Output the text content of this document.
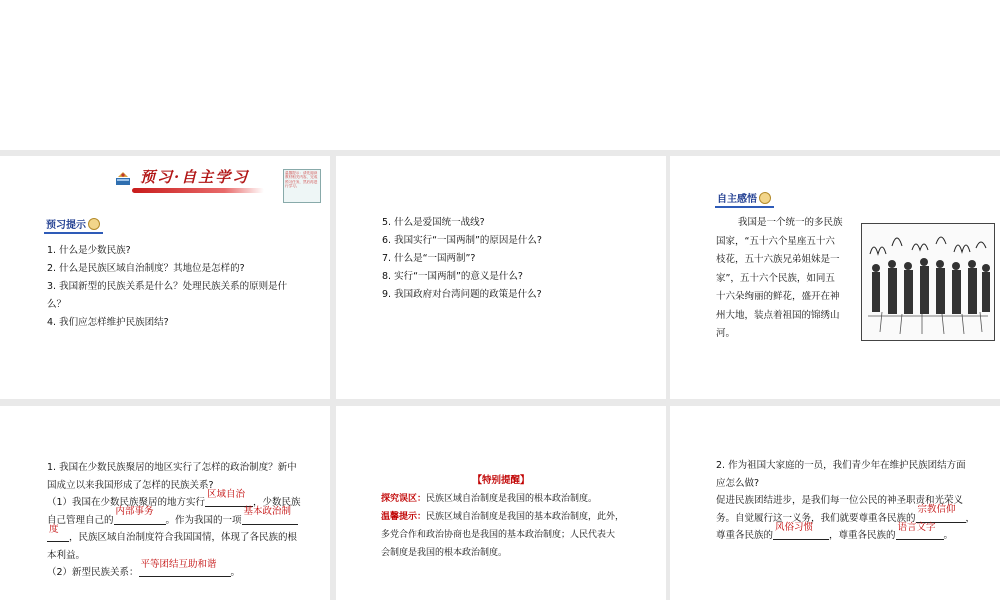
预习·自主学习	温馨提示：请先阅读教材相关内容，完成预习任务，然后再进行学习。
预习提示
1. 什么是少数民族?
2. 什么是民族区域自治制度？其地位是怎样的?
3. 我国新型的民族关系是什么？处理民族关系的原则是什
么？
4. 我们应怎样维护民族团结?
5. 什么是爱国统一战线?
6. 我国实行“一国两制”的原因是什么?
7. 什么是“一国两制”?
8. 实行“一国两制”的意义是什么?
9. 我国政府对台湾问题的政策是什么?
自主感悟
我国是一个统一的多民族
国家，“五十六个星座五十六
枝花，五十六族兄弟姐妹是一
家”，五十六个民族，如同五
十六朵绚丽的鲜花，盛开在神
州大地，装点着祖国的锦绣山
河。
1. 我国在少数民族聚居的地区实行了怎样的政治制度？新中
国成立以来我国形成了怎样的民族关系?
（1）我国在少数民族聚居的地方实行
区域自治
，少数民族
自己管理自己的
内部事务
。作为我国的一项
基本政治制
度
，民族区域自治制度符合我国国情，体现了各民族的根
本利益。
（2）新型民族关系：
平等团结互助和谐
。
【特别提醒】
探究误区：民族区域自治制度是我国的根本政治制度。
温馨提示：民族区域自治制度是我国的基本政治制度，此外，
多党合作和政治协商也是我国的基本政治制度；人民代表大
会制度是我国的根本政治制度。
2. 作为祖国大家庭的一员，我们青少年在维护民族团结方面
应怎么做?
促进民族团结进步，是我们每一位公民的神圣职责和光荣义
务。自觉履行这一义务，我们就要尊重各民族的
宗教信仰
，
尊重各民族的
风俗习惯
，尊重各民族的
语言文字
。
